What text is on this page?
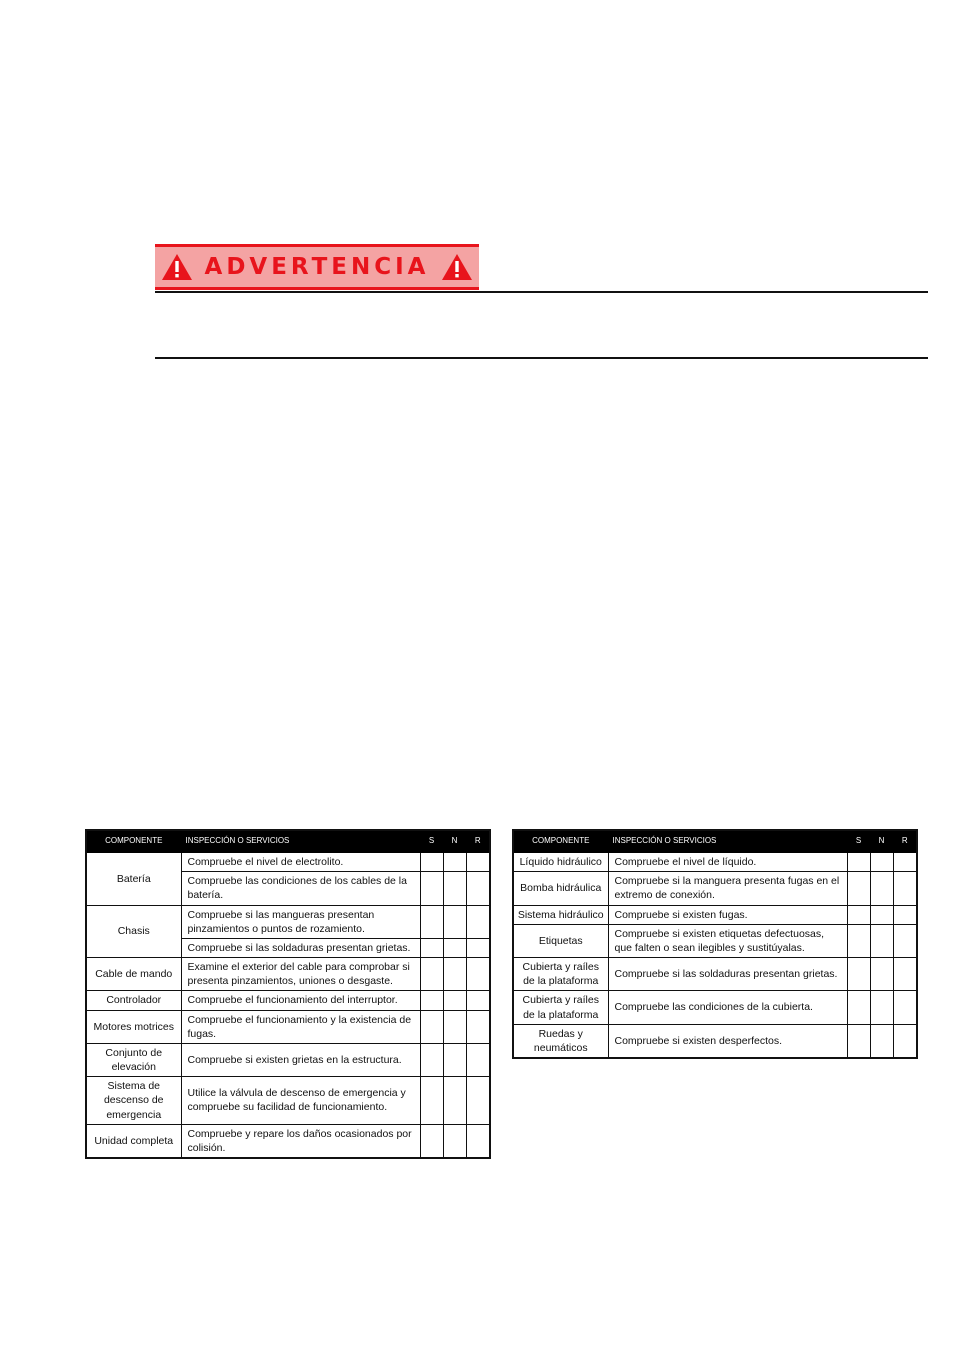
ADVERTENCIA
COMPONENTE	INSPECCIÓN O SERVICIOS	S	N	R
Batería	Compruebe el nivel de electrolito.			
	Compruebe las condiciones de los cables de la batería.			
Chasis	Compruebe si las mangueras presentan pinzamientos o puntos de rozamiento.			
	Compruebe si las soldaduras presentan grietas.			
Cable de mando	Examine el exterior del cable para comprobar si presenta pinzamientos, uniones o desgaste.			
Controlador	Compruebe el funcionamiento del interruptor.			
Motores motrices	Compruebe el funcionamiento y la existencia de fugas.			
Conjunto de elevación	Compruebe si existen grietas en la estructura.			
Sistema de descenso de emergencia	Utilice la válvula de descenso de emergencia y compruebe su facilidad de funcionamiento.			
Unidad completa	Compruebe y repare los daños ocasionados por colisión.			
COMPONENTE	INSPECCIÓN O SERVICIOS	S	N	R
Líquido hidráulico	Compruebe el nivel de líquido.			
Bomba hidráulica	Compruebe si la manguera presenta fugas en el extremo de conexión.			
Sistema hidráulico	Compruebe si existen fugas.			
Etiquetas	Compruebe si existen etiquetas defectuosas, que falten o sean ilegibles y sustitúyalas.			
Cubierta y raíles de la plataforma	Compruebe si las soldaduras presentan grietas.			
Cubierta y raíles de la plataforma	Compruebe las condiciones de la cubierta.			
Ruedas y neumáticos	Compruebe si existen desperfectos.			
